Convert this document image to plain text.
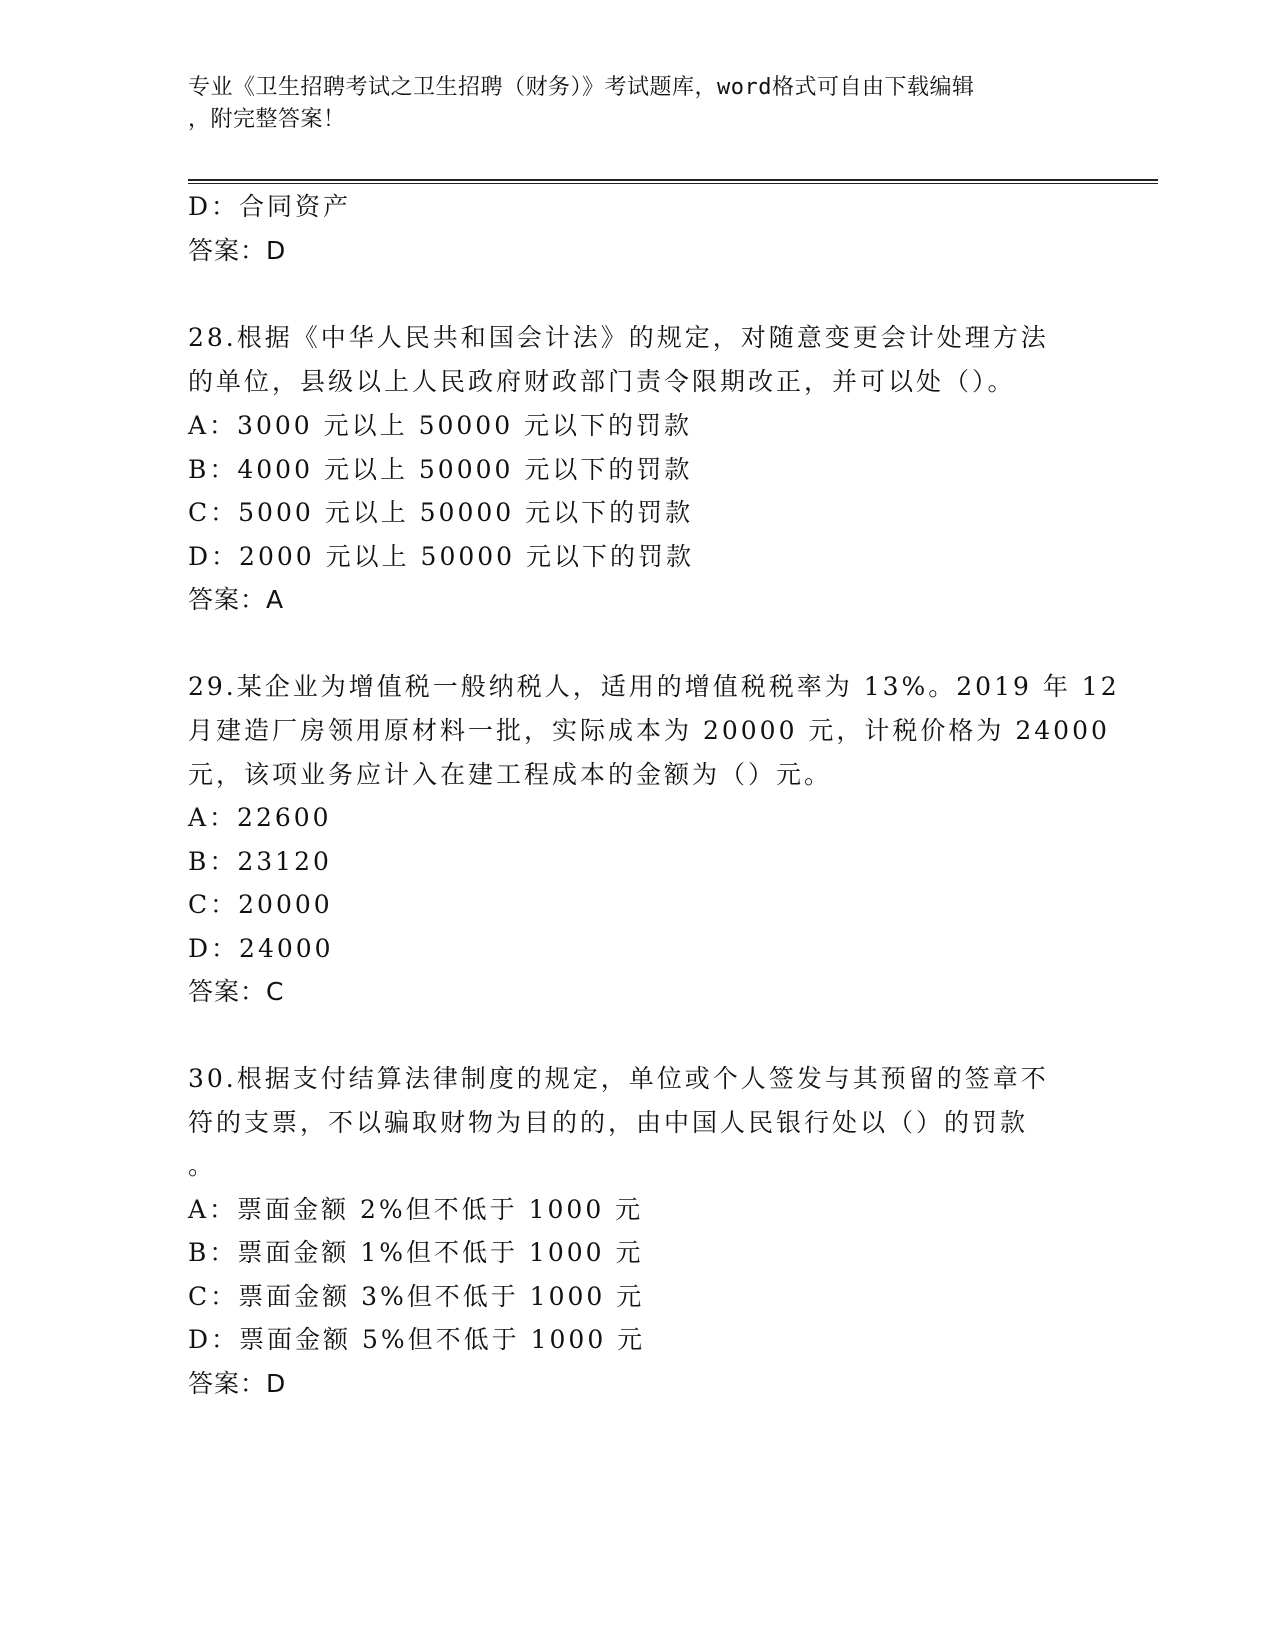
专业《卫生招聘考试之卫生招聘（财务）》考试题库，word格式可自由下载编辑
，附完整答案！
D：合同资产
答案：D
28.根据《中华人民共和国会计法》的规定，对随意变更会计处理方法
的单位，县级以上人民政府财政部门责令限期改正，并可以处（）。
A：3000 元以上 50000 元以下的罚款
B：4000 元以上 50000 元以下的罚款
C：5000 元以上 50000 元以下的罚款
D：2000 元以上 50000 元以下的罚款
答案：A
29.某企业为增值税一般纳税人，适用的增值税税率为 13%。2019 年 12
月建造厂房领用原材料一批，实际成本为 20000 元，计税价格为 24000
元，该项业务应计入在建工程成本的金额为（）元。
A：22600
B：23120
C：20000
D：24000
答案：C
30.根据支付结算法律制度的规定，单位或个人签发与其预留的签章不
符的支票，不以骗取财物为目的的，由中国人民银行处以（）的罚款
。
A：票面金额 2%但不低于 1000 元
B：票面金额 1%但不低于 1000 元
C：票面金额 3%但不低于 1000 元
D：票面金额 5%但不低于 1000 元
答案：D
